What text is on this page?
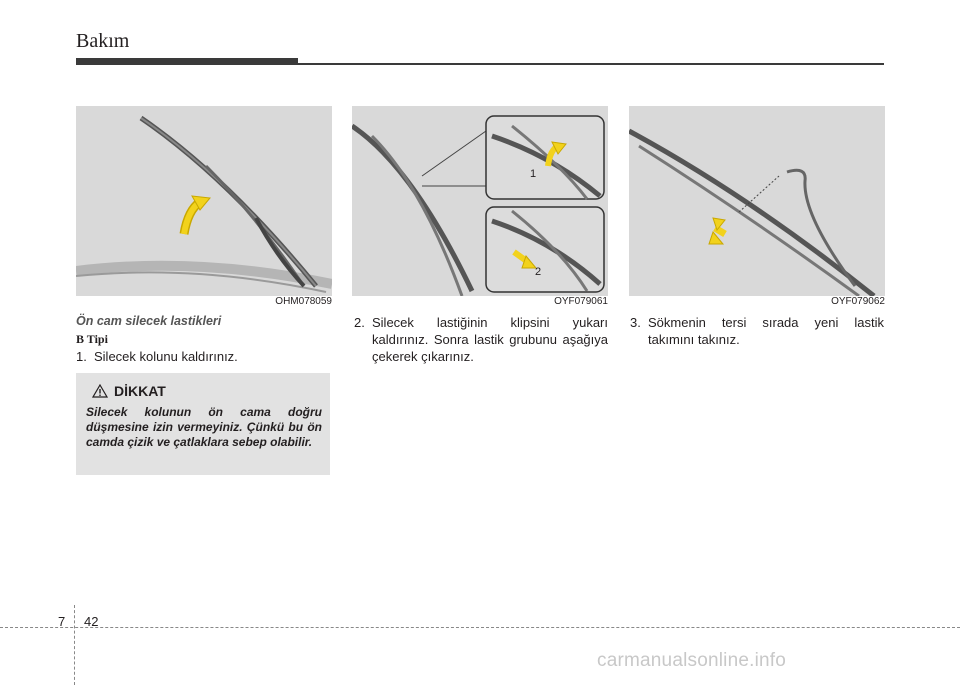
Bakım
OHM078059
1
2
OYF079061	OYF079062
Ön cam silecek lastikleri
B Tipi
1. Silecek kolunu kaldırınız.
DİKKAT
Silecek kolunun ön cama doğru düşmesine izin vermeyiniz. Çünkü bu ön camda çizik ve çatlaklara sebep olabilir.
2. Silecek lastiğinin klipsini yukarı kaldırınız. Sonra lastik grubunu aşağıya çekerek çıkarınız.
3. Sökmenin tersi sırada yeni lastik takımını takınız.
7 42
carmanualsonline.info
